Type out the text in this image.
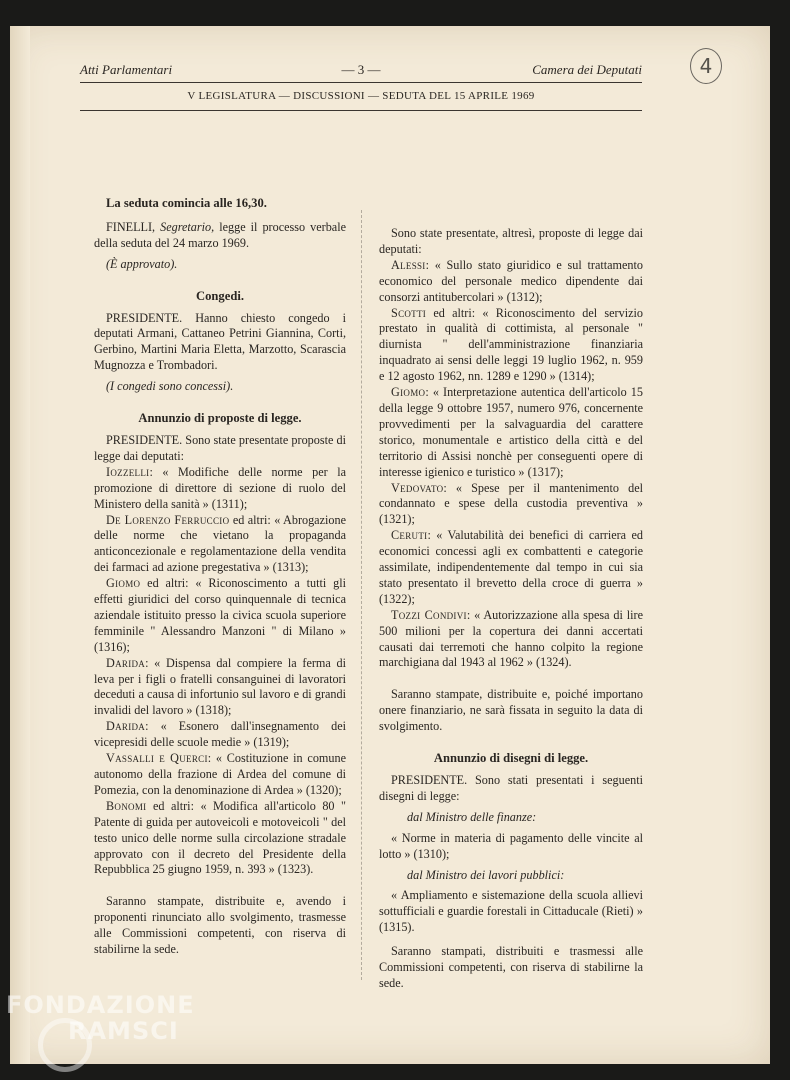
4
Atti Parlamentari	— 3 —	Camera dei Deputati
V LEGISLATURA — DISCUSSIONI — SEDUTA DEL 15 APRILE 1969
La seduta comincia alle 16,30.

FINELLI, Segretario, legge il processo verbale della seduta del 24 marzo 1969.

(È approvato).

Congedi.

PRESIDENTE. Hanno chiesto congedo i deputati Armani, Cattaneo Petrini Giannina, Corti, Gerbino, Martini Maria Eletta, Marzotto, Scarascia Mugnozza e Trombadori.

(I congedi sono concessi).

Annunzio di proposte di legge.

PRESIDENTE. Sono state presentate proposte di legge dai deputati:

Iozzelli: « Modifiche delle norme per la promozione di direttore di sezione di ruolo del Ministero della sanità » (1311);

De Lorenzo Ferruccio ed altri: « Abrogazione delle norme che vietano la propaganda anticoncezionale e regolamentazione della vendita dei farmaci ad azione pregestativa » (1313);

Giomo ed altri: « Riconoscimento a tutti gli effetti giuridici del corso quinquennale di tecnica aziendale istituito presso la civica scuola superiore femminile " Alessandro Manzoni " di Milano » (1316);

Darida: « Dispensa dal compiere la ferma di leva per i figli o fratelli consanguinei di lavoratori deceduti a causa di infortunio sul lavoro e di grandi invalidi del lavoro » (1318);

Darida: « Esonero dall'insegnamento dei vicepresidi delle scuole medie » (1319);

Vassalli e Querci: « Costituzione in comune autonomo della frazione di Ardea del comune di Pomezia, con la denominazione di Ardea » (1320);

Bonomi ed altri: « Modifica all'articolo 80 " Patente di guida per autoveicoli e motoveicoli " del testo unico delle norme sulla circolazione stradale approvato con il decreto del Presidente della Repubblica 25 giugno 1959, n. 393 » (1323).

Saranno stampate, distribuite e, avendo i proponenti rinunciato allo svolgimento, trasmesse alle Commissioni competenti, con riserva di stabilirne la sede.

Sono state presentate, altresì, proposte di legge dai deputati:

Alessi: « Sullo stato giuridico e sul trattamento economico del personale medico dipendente dai consorzi antitubercolari » (1312);

Scotti ed altri: « Riconoscimento del servizio prestato in qualità di cottimista, al personale " diurnista " dell'amministrazione finanziaria inquadrato ai sensi delle leggi 19 luglio 1962, n. 959 e 12 agosto 1962, nn. 1289 e 1290 » (1314);

Giomo: « Interpretazione autentica dell'articolo 15 della legge 9 ottobre 1957, numero 976, concernente provvedimenti per la salvaguardia del carattere storico, monumentale e artistico della città e del territorio di Assisi nonchè per conseguenti opere di interesse igienico e turistico » (1317);

Vedovato: « Spese per il mantenimento del condannato e spese della custodia preventiva » (1321);

Ceruti: « Valutabilità dei benefici di carriera ed economici concessi agli ex combattenti e categorie assimilate, indipendentemente dal tempo in cui sia stato presentato il brevetto della croce di guerra » (1322);

Tozzi Condivi: « Autorizzazione alla spesa di lire 500 milioni per la copertura dei danni accertati causati dai terremoti che hanno colpito la regione marchigiana dal 1943 al 1962 » (1324).

Saranno stampate, distribuite e, poiché importano onere finanziario, ne sarà fissata in seguito la data di svolgimento.

Annunzio di disegni di legge.

PRESIDENTE. Sono stati presentati i seguenti disegni di legge:

dal Ministro delle finanze:

« Norme in materia di pagamento delle vincite al lotto » (1310);

dal Ministro dei lavori pubblici:

« Ampliamento e sistemazione della scuola allievi sottufficiali e guardie forestali in Cittaducale (Rieti) » (1315).

Saranno stampati, distribuiti e trasmessi alle Commissioni competenti, con riserva di stabilirne la sede.

FONDAZIONE
RAMSCI
